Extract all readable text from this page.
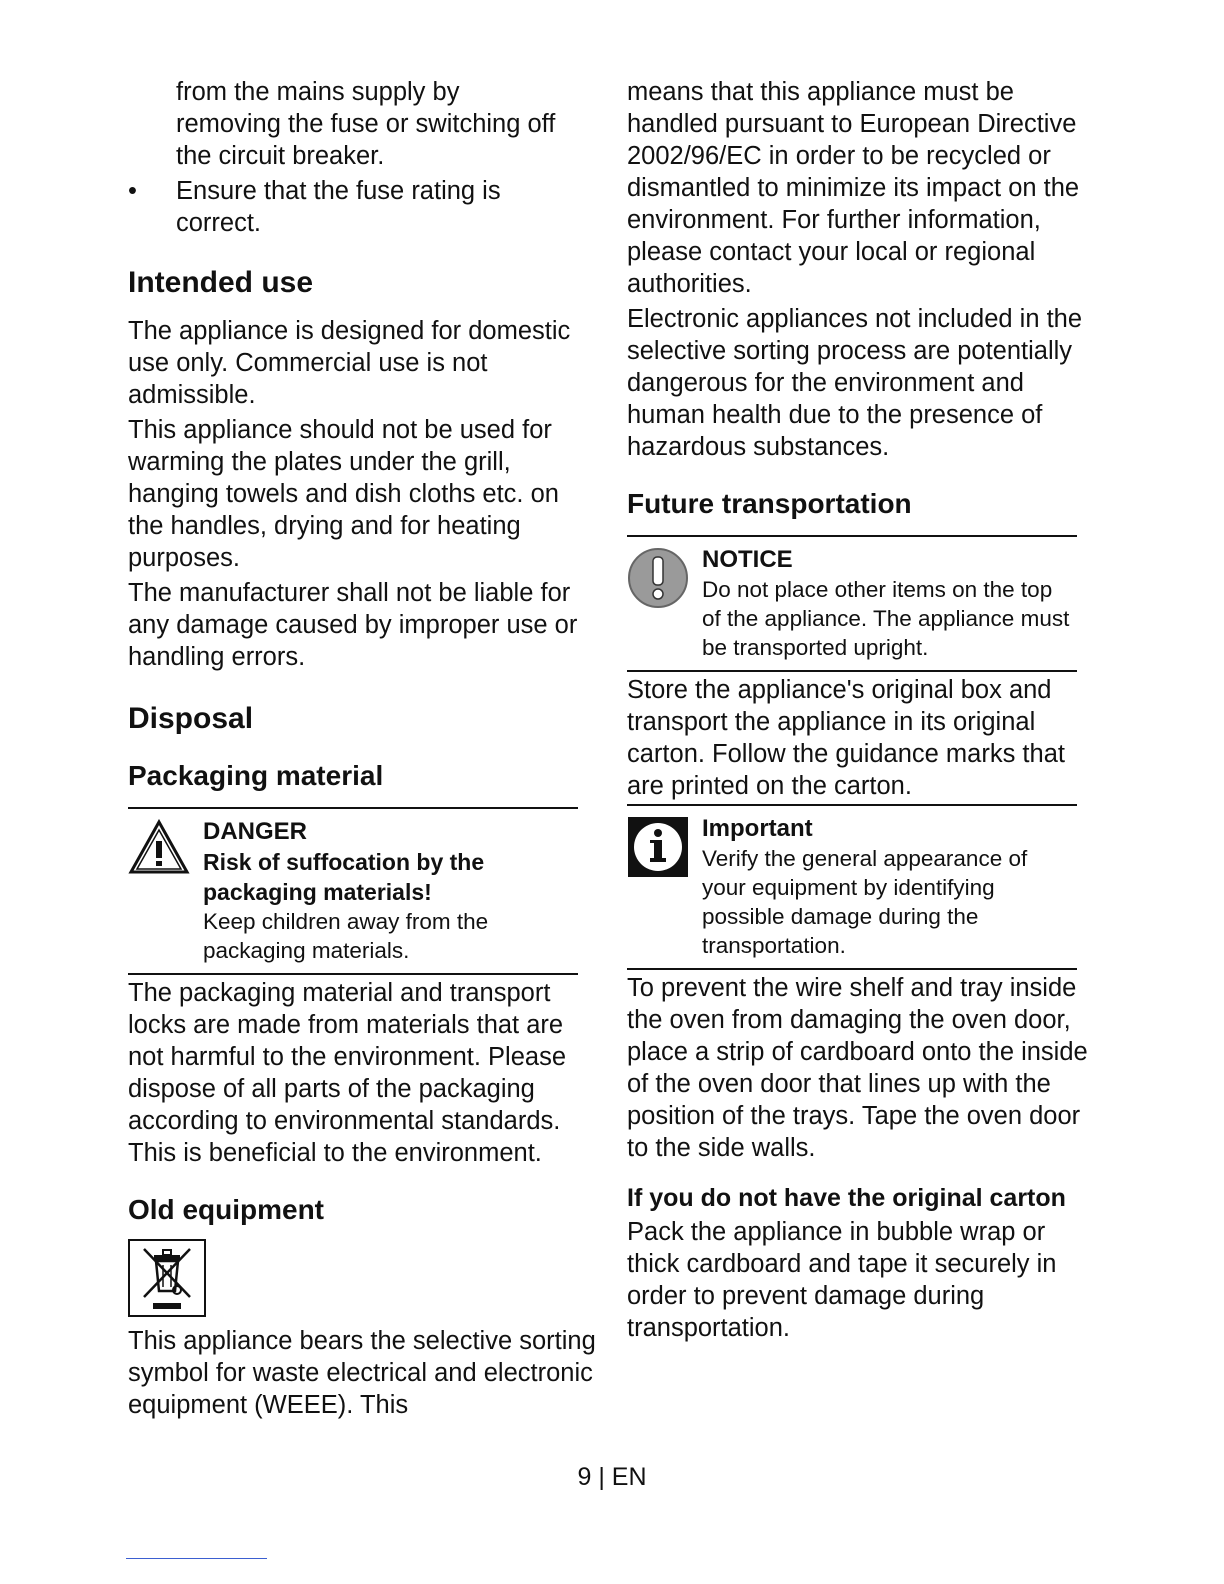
from the mains supply by

removing the fuse or switching off

the circuit breaker.

• Ensure that the fuse rating is
correct.
Intended use

The appliance is designed for domestic use only. Commercial use is not admissible.

This appliance should not be used for warming the plates under the grill, hanging towels and dish cloths etc. on the handles, drying and for heating purposes.

The manufacturer shall not be liable for any damage caused by improper use or handling errors.

Disposal
Packaging material
DANGER
Risk of suffocation by the packaging materials!
Keep children away from the packaging materials.

The packaging material and transport locks are made from materials that are not harmful to the environment. Please dispose of all parts of the packaging according to environmental standards. This is beneficial to the environment.

Old equipment

This appliance bears the selective sorting symbol for waste electrical and electronic equipment (WEEE). This

means that this appliance must be handled pursuant to European Directive 2002/96/EC in order to be recycled or dismantled to minimize its impact on the environment. For further information, please contact your local or regional authorities.

Electronic appliances not included in the selective sorting process are potentially dangerous for the environment and human health due to the presence of hazardous substances.

Future transportation
NOTICE
Do not place other items on the top of the appliance. The appliance must be transported upright.

Store the appliance's original box and transport the appliance in its original carton. Follow the guidance marks that are printed on the carton.

Important
Verify the general appearance of your equipment by identifying possible damage during the transportation.

To prevent the wire shelf and tray inside the oven from damaging the oven door, place a strip of cardboard onto the inside of the oven door that lines up with the position of the trays. Tape the oven door to the side walls.

If you do not have the original carton

Pack the appliance in bubble wrap or thick cardboard and tape it securely in order to prevent damage during transportation.

9 | EN
